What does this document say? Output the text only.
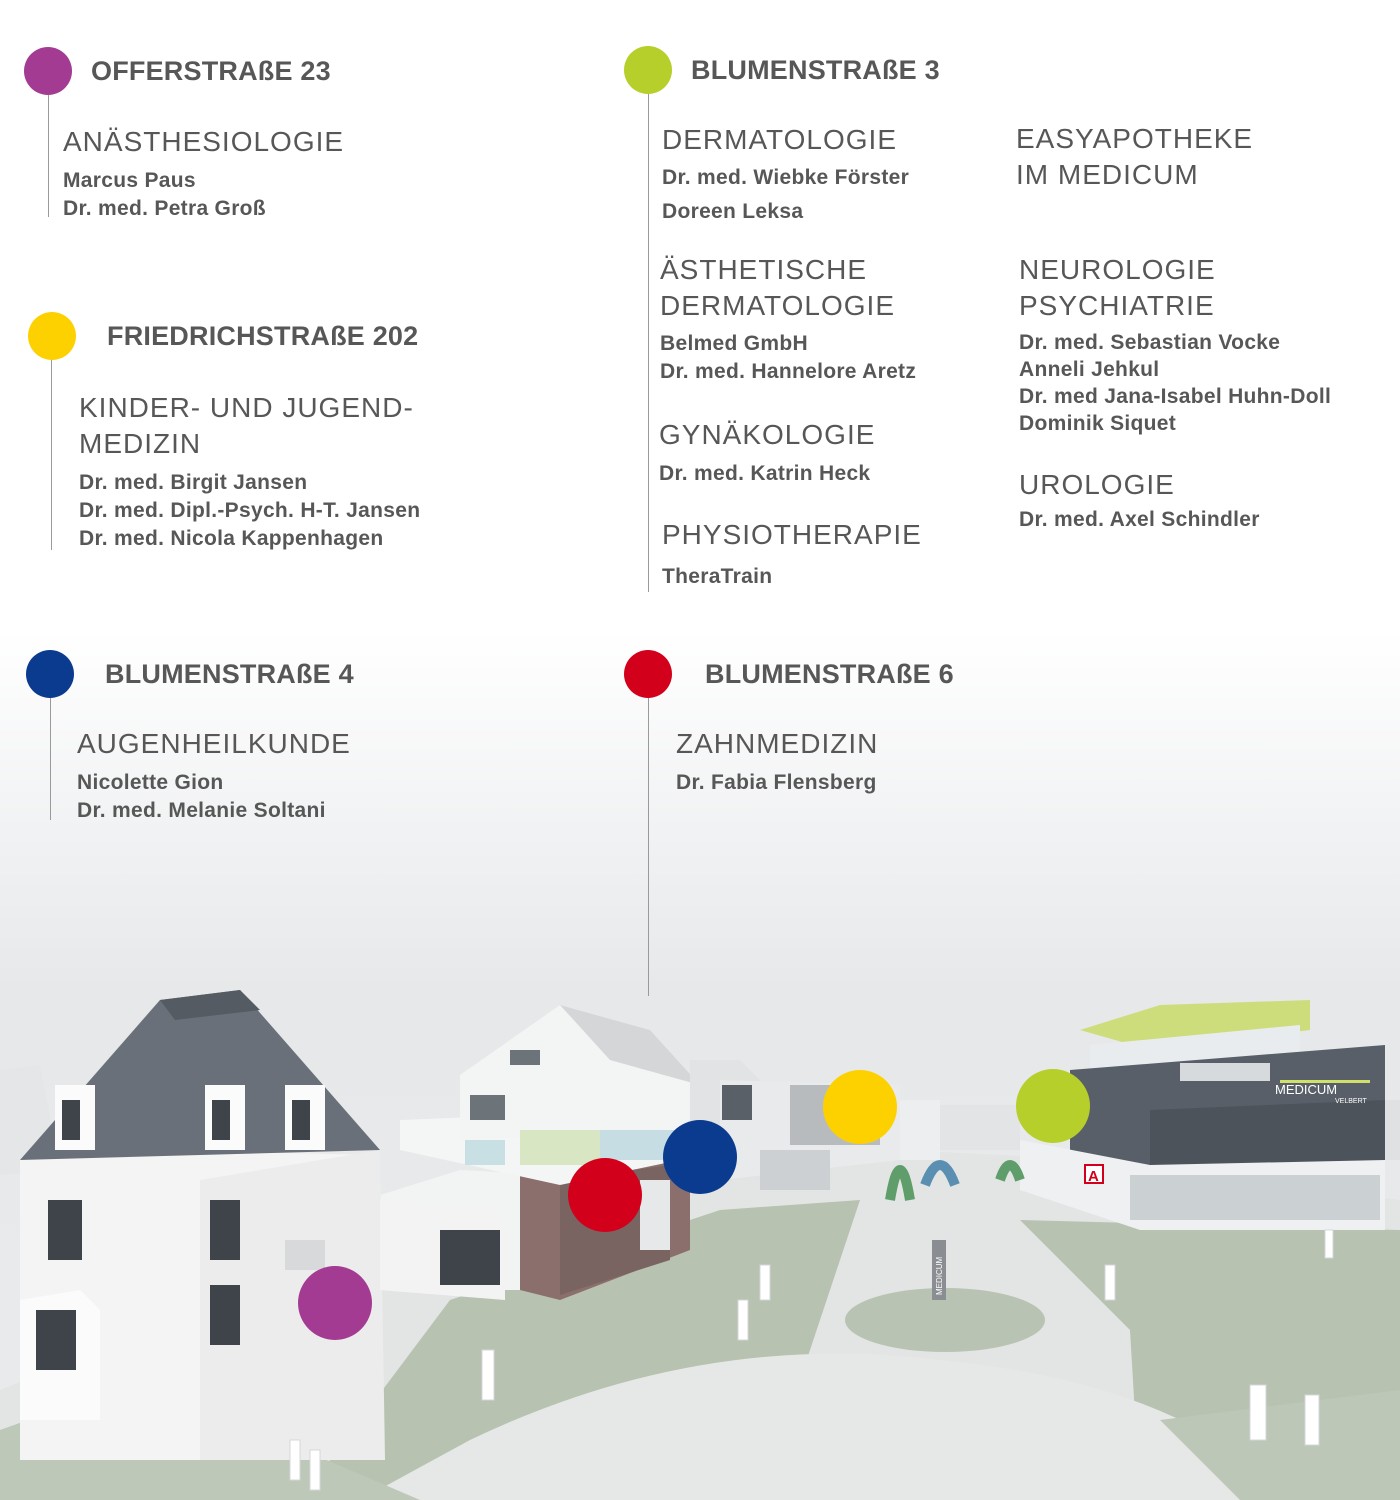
MEDICUM
VELBERT
A
MEDICUM
OFFERSTRAßE 23
ANÄSTHESIOLOGIE
Marcus Paus
Dr. med. Petra Groß
FRIEDRICHSTRAßE 202
KINDER- UND JUGEND-
MEDIZIN
Dr. med. Birgit Jansen
Dr. med. Dipl.-Psych. H-T. Jansen
Dr. med. Nicola Kappenhagen
BLUMENSTRAßE 3
DERMATOLOGIE
Dr. med. Wiebke Förster
Doreen Leksa
ÄSTHETISCHE
DERMATOLOGIE
Belmed GmbH
Dr. med. Hannelore Aretz
GYNÄKOLOGIE
Dr. med. Katrin Heck
PHYSIOTHERAPIE
TheraTrain
EASYAPOTHEKE
IM MEDICUM
NEUROLOGIE
PSYCHIATRIE
Dr. med. Sebastian Vocke
Anneli Jehkul
Dr. med Jana-Isabel Huhn-Doll
Dominik Siquet
UROLOGIE
Dr. med. Axel Schindler
BLUMENSTRAßE 4
AUGENHEILKUNDE
Nicolette Gion
Dr. med. Melanie Soltani
BLUMENSTRAßE 6
ZAHNMEDIZIN
Dr. Fabia Flensberg
